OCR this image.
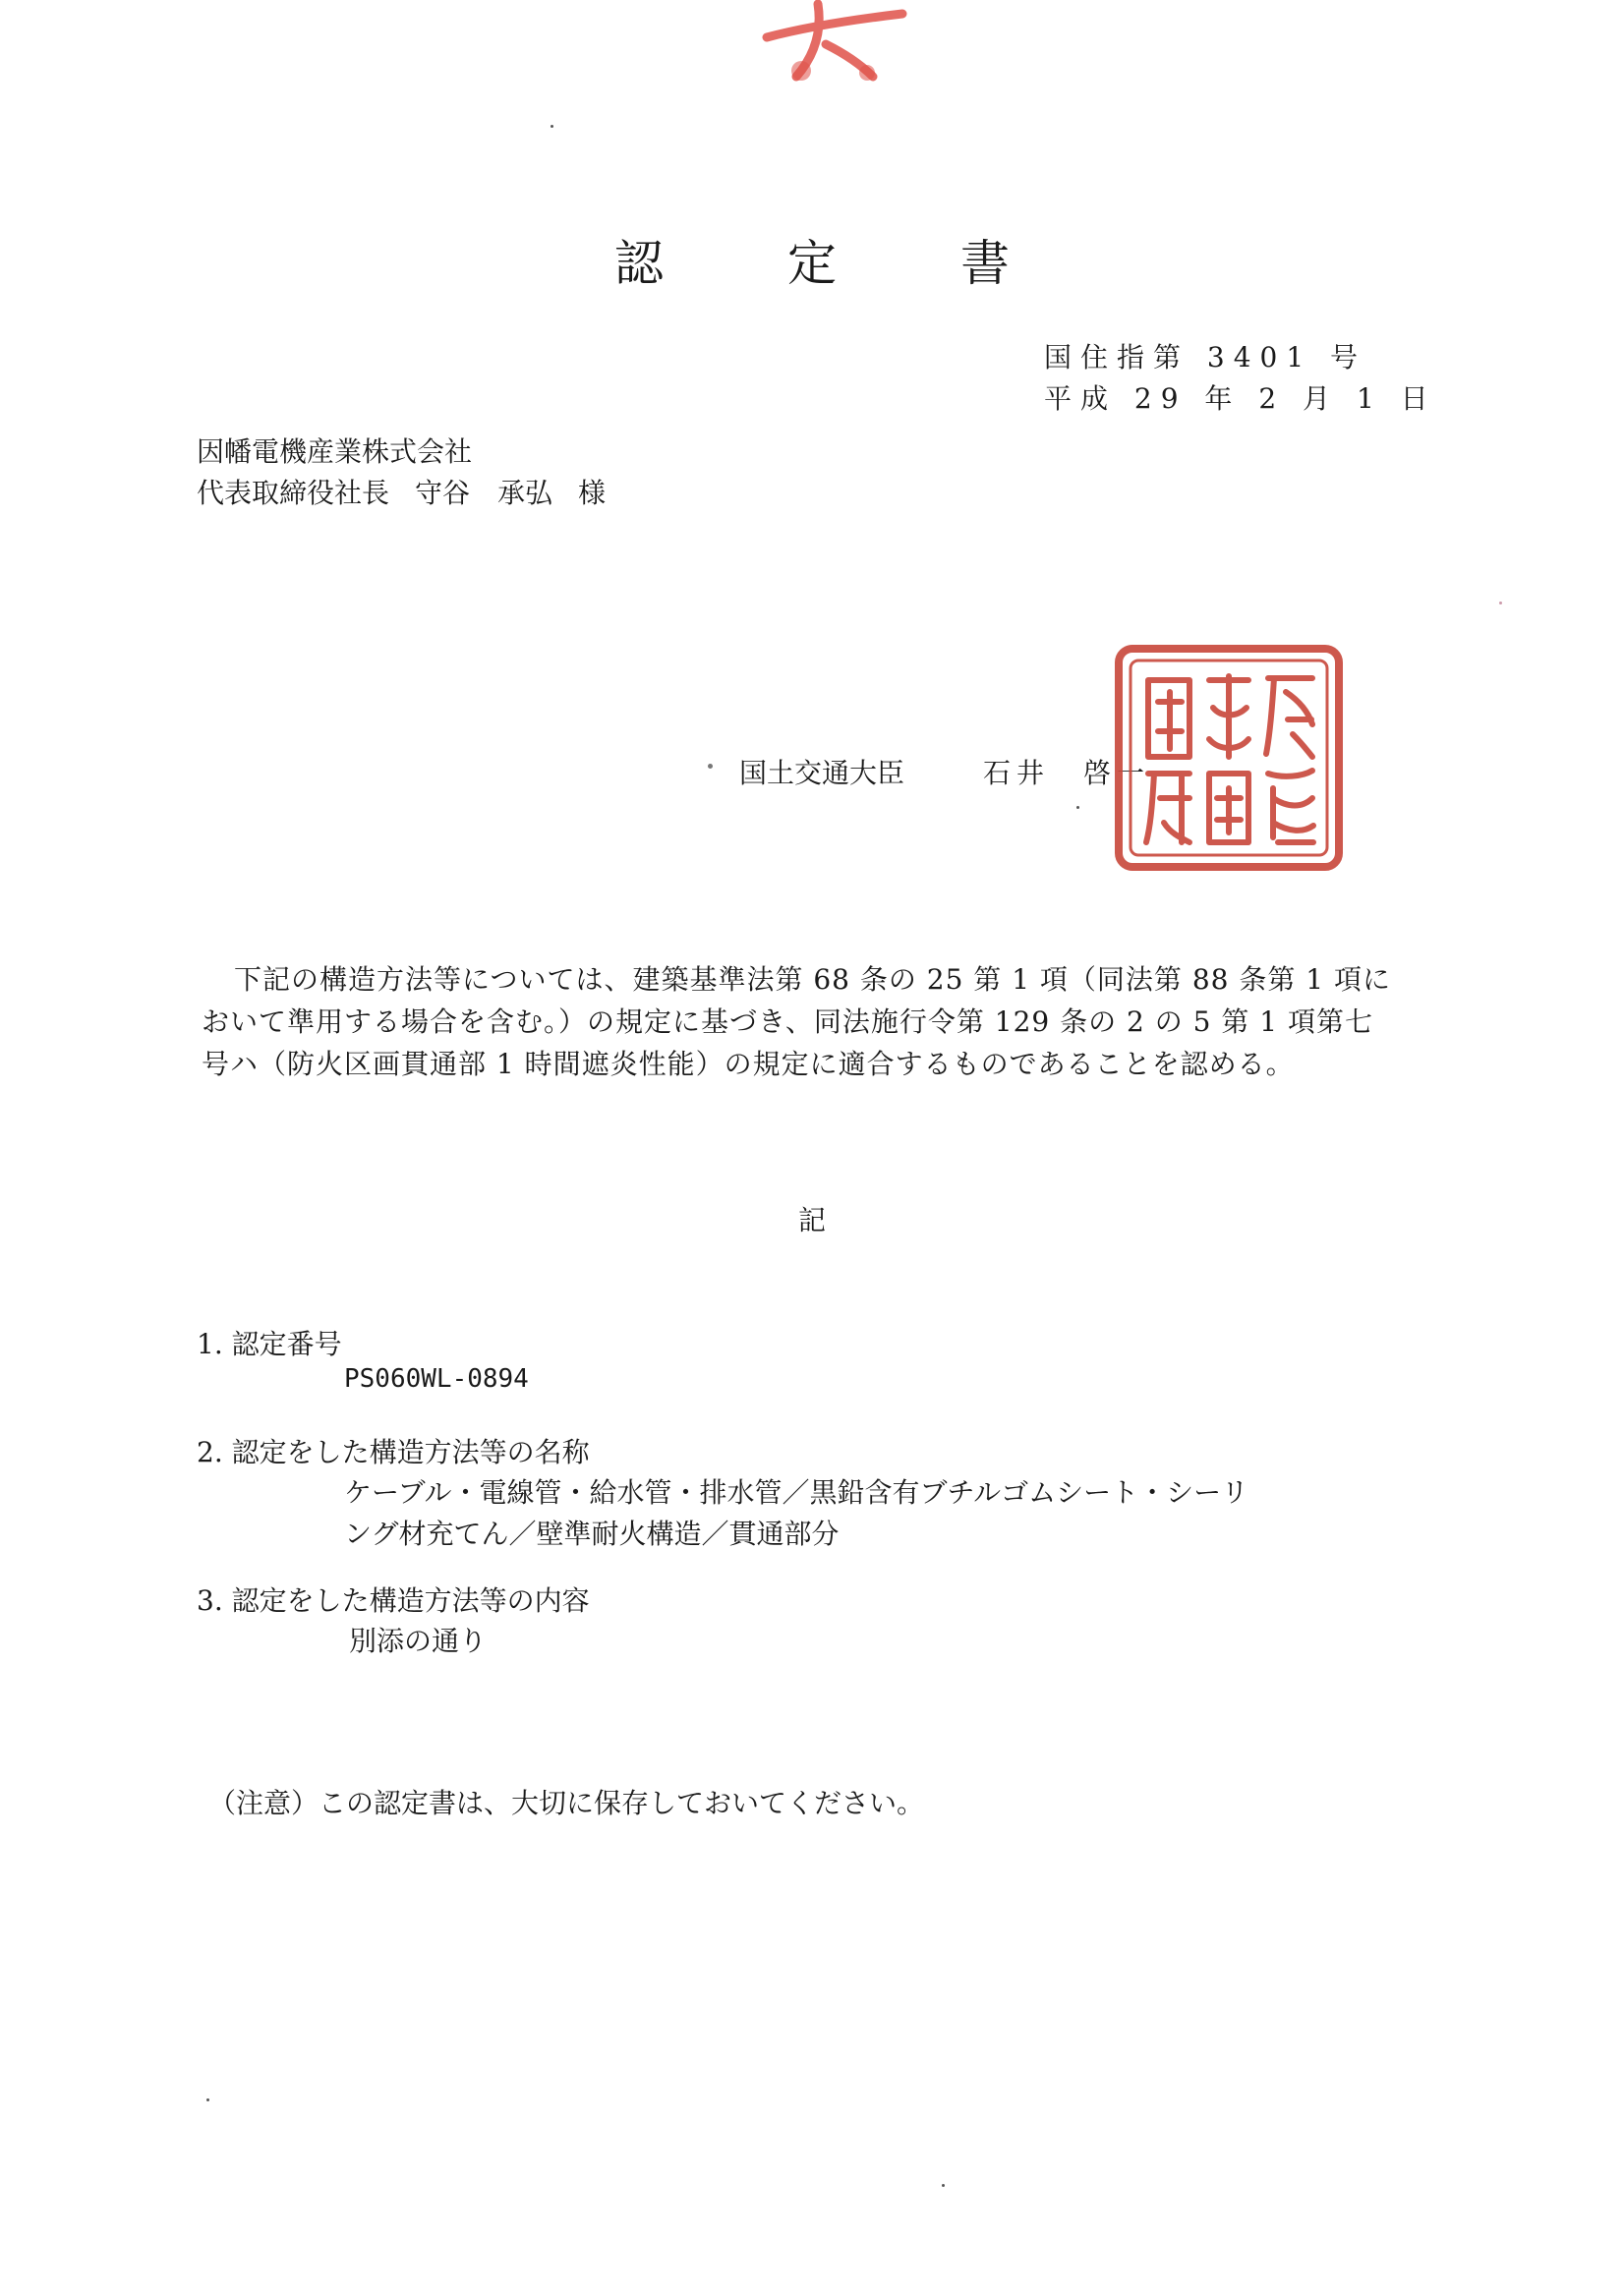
認　定　書
国住指第 3401 号
平成 29 年 2 月 1 日
因幡電機産業株式会社
代表取締役社長 守谷　承弘 様
国土交通大臣	石井　啓一
下記の構造方法等については、建築基準法第 68 条の 25 第 1 項（同法第 88 条第 1 項に
おいて準用する場合を含む。）の規定に基づき、同法施行令第 129 条の 2 の 5 第 1 項第七
号ハ（防火区画貫通部 1 時間遮炎性能）の規定に適合するものであることを認める。
記
1. 認定番号
PS060WL-0894
2. 認定をした構造方法等の名称
ケーブル・電線管・給水管・排水管／黒鉛含有ブチルゴムシート・シーリ
ング材充てん／壁準耐火構造／貫通部分
3. 認定をした構造方法等の内容
別添の通り
（注意）この認定書は、大切に保存しておいてください。
